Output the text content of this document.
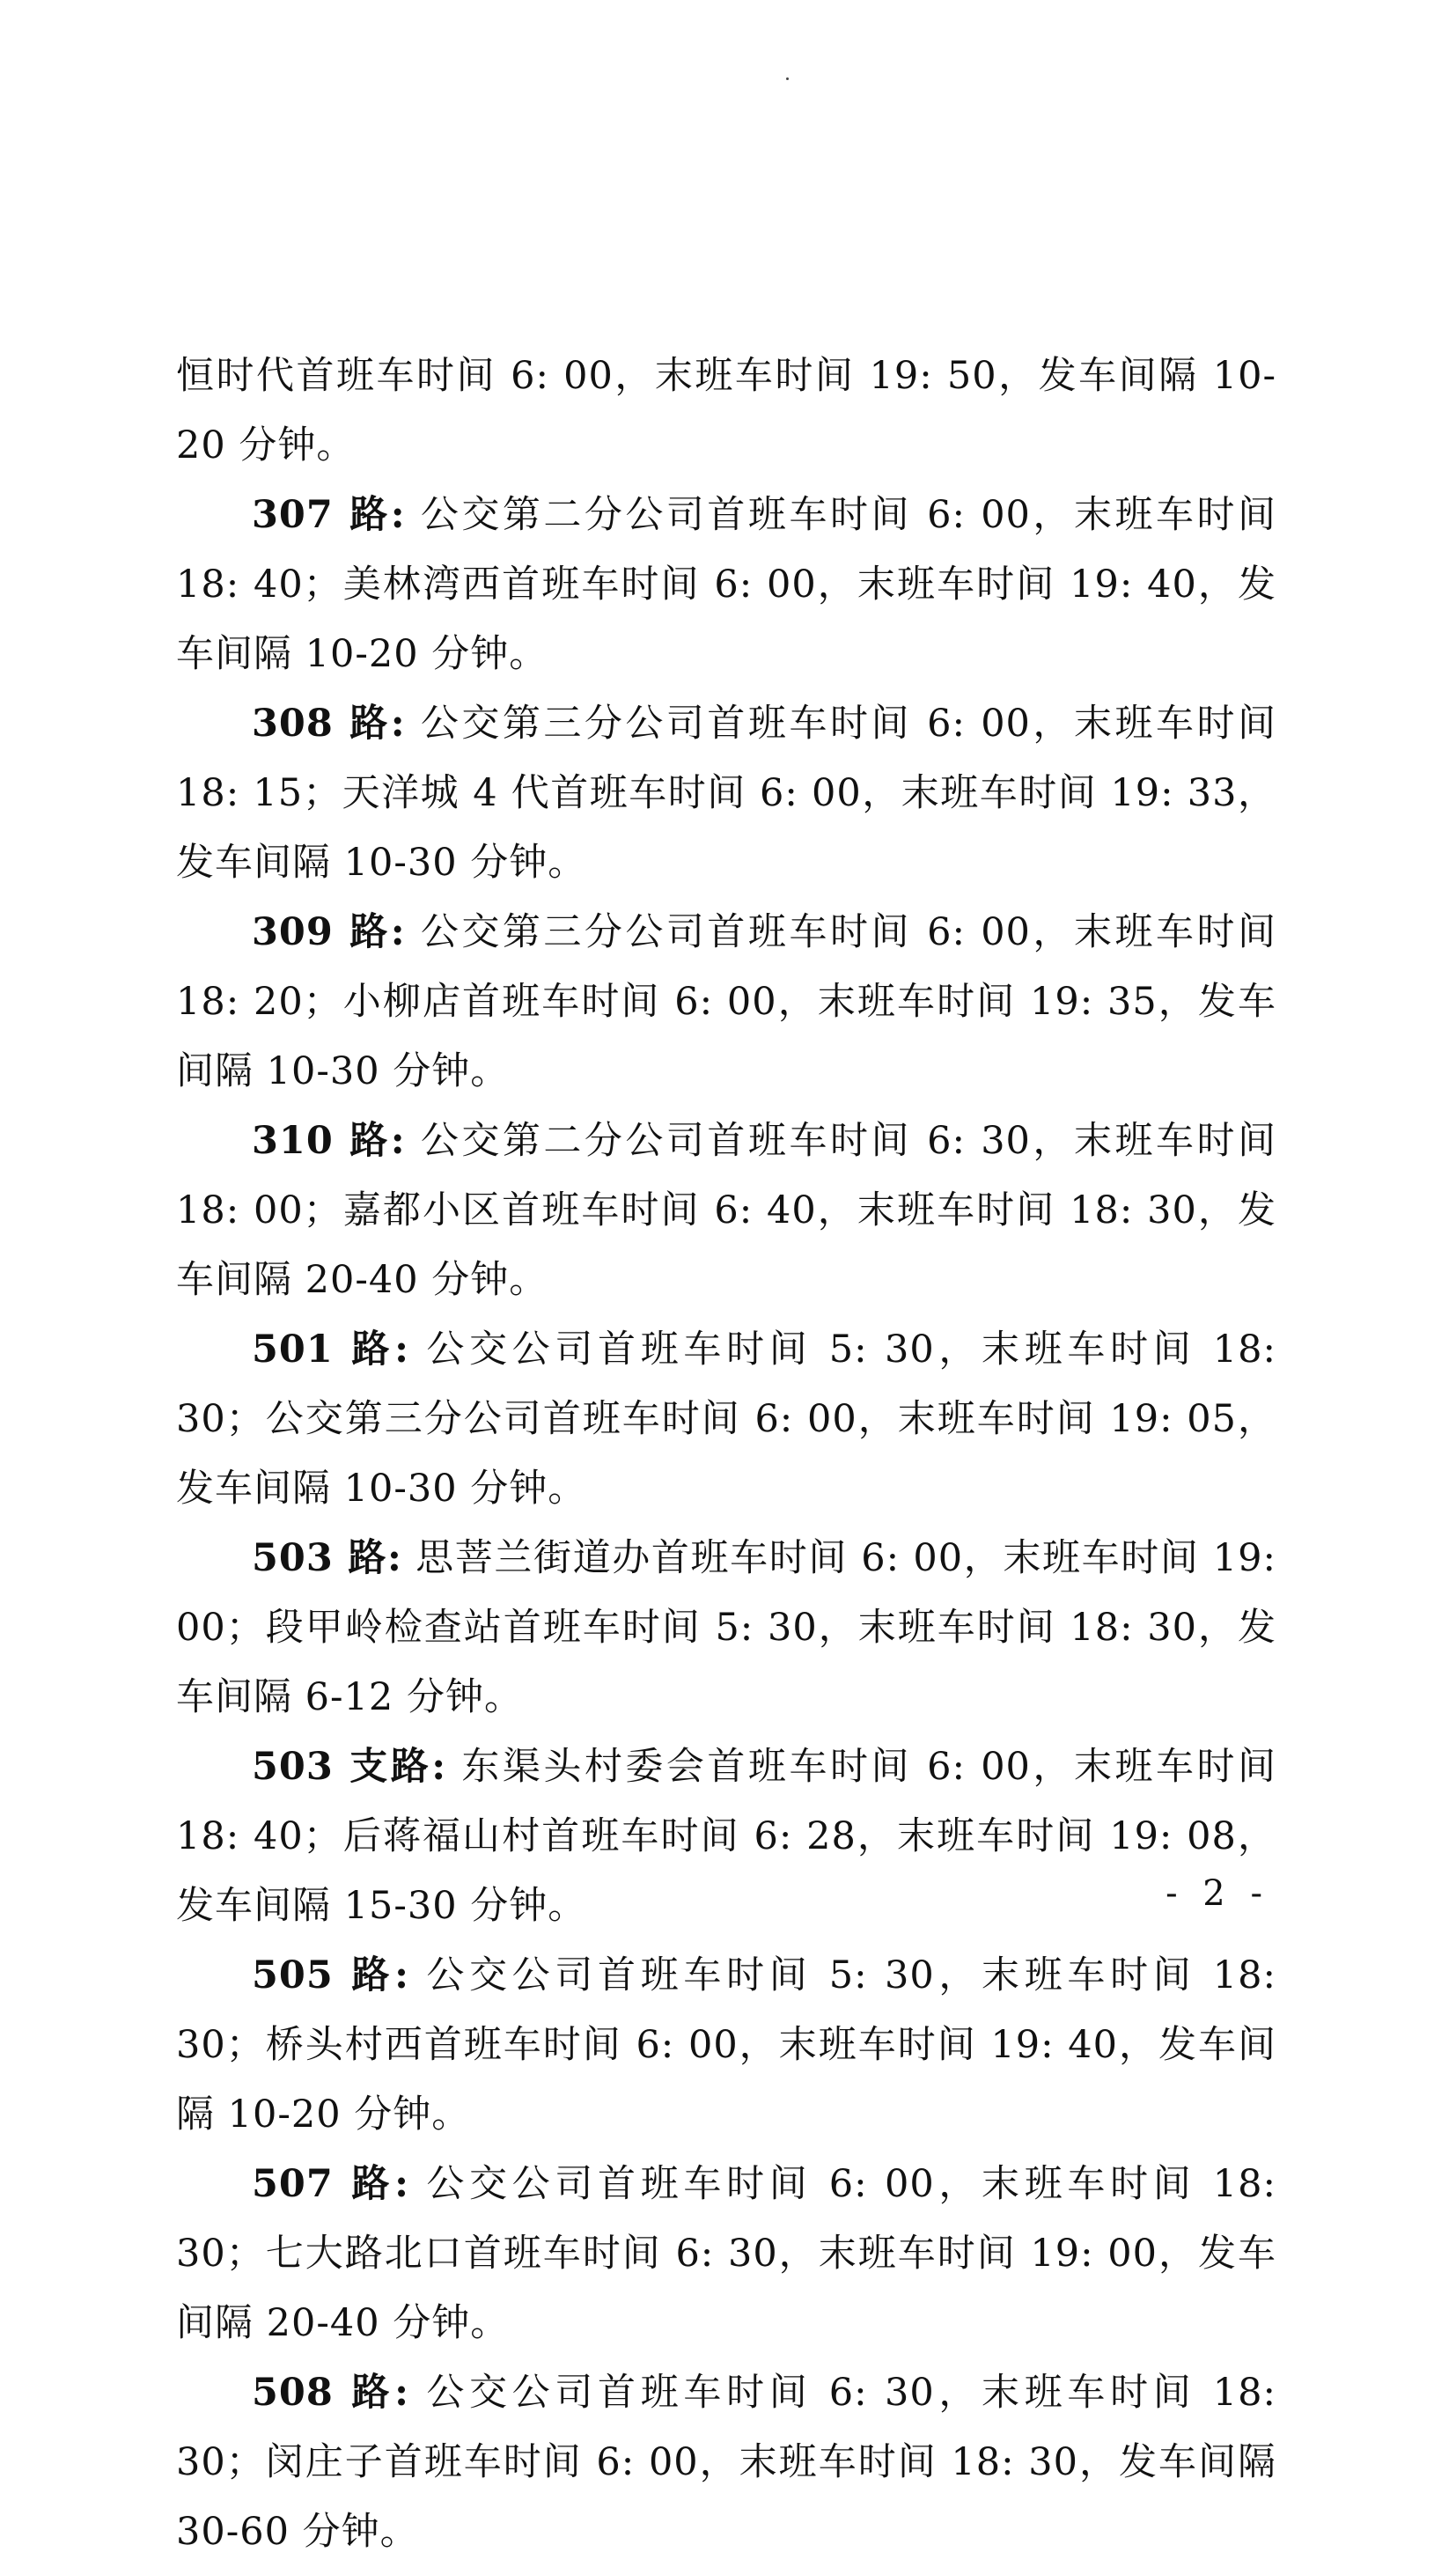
恒时代首班车时间 6: 00，末班车时间 19: 50，发车间隔 10-20 分钟。

307 路: 公交第二分公司首班车时间 6: 00，末班车时间 18: 40；美林湾西首班车时间 6: 00，末班车时间 19: 40，发车间隔 10-20 分钟。

308 路: 公交第三分公司首班车时间 6: 00，末班车时间 18: 15；天洋城 4 代首班车时间 6: 00，末班车时间 19: 33，发车间隔 10-30 分钟。

309 路: 公交第三分公司首班车时间 6: 00，末班车时间 18: 20；小柳店首班车时间 6: 00，末班车时间 19: 35，发车间隔 10-30 分钟。

310 路: 公交第二分公司首班车时间 6: 30，末班车时间 18: 00；嘉都小区首班车时间 6: 40，末班车时间 18: 30，发车间隔 20-40 分钟。

501 路: 公交公司首班车时间 5: 30，末班车时间 18: 30；公交第三分公司首班车时间 6: 00，末班车时间 19: 05，发车间隔 10-30 分钟。

503 路: 思菩兰街道办首班车时间 6: 00，末班车时间 19: 00；段甲岭检查站首班车时间 5: 30，末班车时间 18: 30，发车间隔 6-12 分钟。

503 支路: 东渠头村委会首班车时间 6: 00，末班车时间 18: 40；后蒋福山村首班车时间 6: 28，末班车时间 19: 08，发车间隔 15-30 分钟。

505 路: 公交公司首班车时间 5: 30，末班车时间 18: 30；桥头村西首班车时间 6: 00，末班车时间 19: 40，发车间隔 10-20 分钟。

507 路: 公交公司首班车时间 6: 00，末班车时间 18: 30；七大路北口首班车时间 6: 30，末班车时间 19: 00，发车间隔 20-40 分钟。

508 路: 公交公司首班车时间 6: 30，末班车时间 18: 30；闵庄子首班车时间 6: 00，末班车时间 18: 30，发车间隔 30-60 分钟。

- 2 -
